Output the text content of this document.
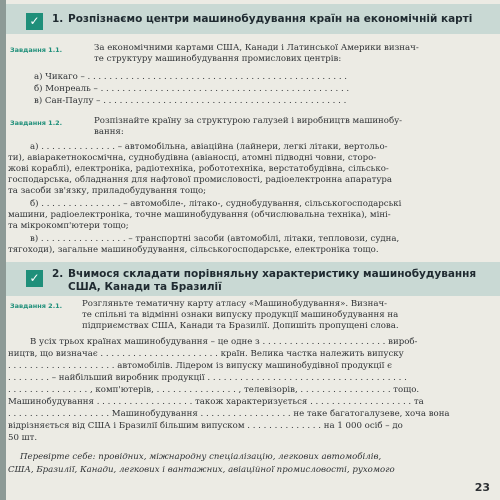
✓	1. Розпізнаємо центри машинобудування країн на економічній карті
Завдання 1.1.	За економічними картами США, Канади і Латинської Америки визнач-
те структуру машинобудування промислових центрів:
а) Чикаго – . . . . . . . . . . . . . . . . . . . . . . . . . . . . . . . . . . . . . . . . . . . . . . . .
б) Монреаль – . . . . . . . . . . . . . . . . . . . . . . . . . . . . . . . . . . . . . . . . . . . . . .
в) Сан-Паулу – . . . . . . . . . . . . . . . . . . . . . . . . . . . . . . . . . . . . . . . . . . . . .
Завдання 1.2.	Розпізнайте країну за структурою галузей і виробництв машинобу-
вання:
а) . . . . . . . . . . . . . . – автомобільна, авіаційна (лайнери, легкі літаки, вертольо-
ти), авіаракетнокосмічна, суднобудівна (авіаносці, атомні підводні човни, сторо-
жові кораблі), електроніка, радіотехніка, робототехніка, верстатобудівна, сільсько-
господарська, обладнання для нафтової промисловості, радіоелектронна апаратура
та засоби зв'язку, приладобудування тощо;
б) . . . . . . . . . . . . . . . – автомобіле-, літако-, суднобудування, сільськогосподарські
машини, радіоелектроніка, точне машинобудування (обчислювальна техніка), міні-
та мікрокомп'ютери тощо;
в) . . . . . . . . . . . . . . . . – транспортні засоби (автомобілі, літаки, тепловози, судна,
тягоходи), загальне машинобудування, сільськогосподарське, електроніка тощо.
✓	2. Вчимося складати порівняльну характеристику машинобудування
США, Канади та Бразилії
Завдання 2.1. Розгляньте тематичну карту атласу «Машинобудування». Визнач-
те спільні та відмінні ознаки випуску продукції машинобудування на
підприємствах США, Канади та Бразилії. Допишіть пропущені слова.
В усіх трьох країнах машинобудування – це одне з . . . . . . . . . . . . . . . . . . . . . . . вироб-
ництв, що визначає . . . . . . . . . . . . . . . . . . . . . . країн. Велика частка належить випуску
. . . . . . . . . . . . . . . . . . . . автомобілів. Лідером із випуску машинобудівної продукції є
. . . . . . . . – найбільший виробник продукції . . . . . . . . . . . . . . . . . . . . . . . . . . . . . . . . . . . . .
. . . . . . . . . . . . . . . , комп'ютерів, . . . . . . . . . . . . . . . , телевізорів, . . . . . . . . . . . . . . . . . тощо.
Машинобудування . . . . . . . . . . . . . . . . . . також характеризується . . . . . . . . . . . . . . . . . . . та
. . . . . . . . . . . . . . . . . . . Машинобудування . . . . . . . . . . . . . . . . . не таке багатогалузеве, хоча вона
відрізняється від США і Бразилії більшим випуском . . . . . . . . . . . . . . на 1 000 осіб – до
50 шт.
Перевірте себе: провідних, міжнародну спеціалізацію, легкових автомобілів,
США, Бразилії, Канади, легкових і вантажних, авіаційної промисловості, рухомого
23
